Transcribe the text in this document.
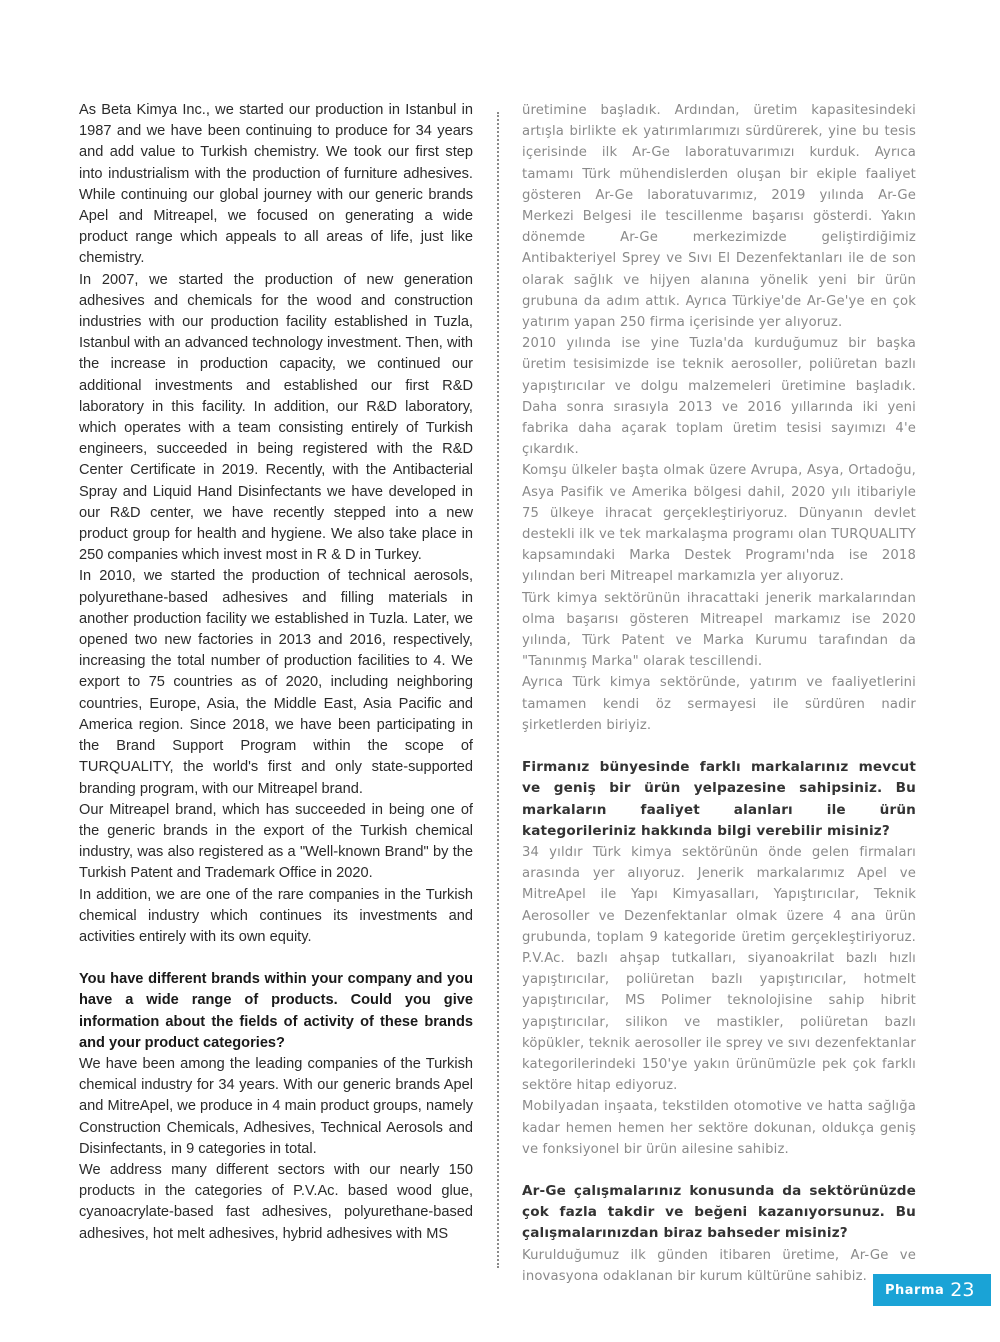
As Beta Kimya Inc., we started our production in Istanbul in 1987 and we have been continuing to produce for 34 years and add value to Turkish chemistry. We took our first step into industrialism with the production of furniture adhesives. While continuing our global journey with our generic brands Apel and Mitreapel, we focused on generating a wide product range which appeals to all areas of life, just like chemistry.

In 2007, we started the production of new generation adhesives and chemicals for the wood and construction industries with our production facility established in Tuzla, Istanbul with an advanced technology investment. Then, with the increase in production capacity, we continued our additional investments and established our first R&D laboratory in this facility. In addition, our R&D laboratory, which operates with a team consisting entirely of Turkish engineers, succeeded in being registered with the R&D Center Certificate in 2019. Recently, with the Antibacterial Spray and Liquid Hand Disinfectants we have developed in our R&D center, we have recently stepped into a new product group for health and hygiene. We also take place in 250 companies which invest most in R & D in Turkey.

In 2010, we started the production of technical aerosols, polyurethane-based adhesives and filling materials in another production facility we established in Tuzla. Later, we opened two new factories in 2013 and 2016, respectively, increasing the total number of production facilities to 4. We export to 75 countries as of 2020, including neighboring countries, Europe, Asia, the Middle East, Asia Pacific and America region. Since 2018, we have been participating in the Brand Support Program within the scope of TURQUALITY, the world's first and only state-supported branding program, with our Mitreapel brand.

Our Mitreapel brand, which has succeeded in being one of the generic brands in the export of the Turkish chemical industry, was also registered as a "Well-known Brand" by the Turkish Patent and Trademark Office in 2020.

In addition, we are one of the rare companies in the Turkish chemical industry which continues its investments and activities entirely with its own equity.

You have different brands within your company and you have a wide range of products. Could you give information about the fields of activity of these brands and your product categories?

We have been among the leading companies of the Turkish chemical industry for 34 years. With our generic brands Apel and MitreApel, we produce in 4 main product groups, namely Construction Chemicals, Adhesives, Technical Aerosols and Disinfectants, in 9 categories in total.

We address many different sectors with our nearly 150 products in the categories of P.V.Ac. based wood glue, cyanoacrylate-based fast adhesives, polyurethane-based adhesives, hot melt adhesives, hybrid adhesives with MS

üretimine başladık. Ardından, üretim kapasitesindeki artışla birlikte ek yatırımlarımızı sürdürerek, yine bu tesis içerisinde ilk Ar-Ge laboratuvarımızı kurduk. Ayrıca tamamı Türk mühendislerden oluşan bir ekiple faaliyet gösteren Ar-Ge laboratuvarımız, 2019 yılında Ar-Ge Merkezi Belgesi ile tescillenme başarısı gösterdi. Yakın dönemde Ar-Ge merkezimizde geliştirdiğimiz Antibakteriyel Sprey ve Sıvı El Dezenfektanları ile de son olarak sağlık ve hijyen alanına yönelik yeni bir ürün grubuna da adım attık. Ayrıca Türkiye'de Ar-Ge'ye en çok yatırım yapan 250 firma içerisinde yer alıyoruz.

2010 yılında ise yine Tuzla'da kurduğumuz bir başka üretim tesisimizde ise teknik aerosoller, poliüretan bazlı yapıştırıcılar ve dolgu malzemeleri üretimine başladık. Daha sonra sırasıyla 2013 ve 2016 yıllarında iki yeni fabrika daha açarak toplam üretim tesisi sayımızı 4'e çıkardık.

Komşu ülkeler başta olmak üzere Avrupa, Asya, Ortadoğu, Asya Pasifik ve Amerika bölgesi dahil, 2020 yılı itibariyle 75 ülkeye ihracat gerçekleştiriyoruz. Dünyanın devlet destekli ilk ve tek markalaşma programı olan TURQUALITY kapsamındaki Marka Destek Programı'nda ise 2018 yılından beri Mitreapel markamızla yer alıyoruz.

Türk kimya sektörünün ihracattaki jenerik markalarından olma başarısı gösteren Mitreapel markamız ise 2020 yılında, Türk Patent ve Marka Kurumu tarafından da "Tanınmış Marka" olarak tescillendi.

Ayrıca Türk kimya sektöründe, yatırım ve faaliyetlerini tamamen kendi öz sermayesi ile sürdüren nadir şirketlerden biriyiz.

Firmanız bünyesinde farklı markalarınız mevcut ve geniş bir ürün yelpazesine sahipsiniz. Bu markaların faaliyet alanları ile ürün kategorileriniz hakkında bilgi verebilir misiniz?

34 yıldır Türk kimya sektörünün önde gelen firmaları arasında yer alıyoruz. Jenerik markalarımız Apel ve MitreApel ile Yapı Kimyasalları, Yapıştırıcılar, Teknik Aerosoller ve Dezenfektanlar olmak üzere 4 ana ürün grubunda, toplam 9 kategoride üretim gerçekleştiriyoruz. P.V.Ac. bazlı ahşap tutkalları, siyanoakrilat bazlı hızlı yapıştırıcılar, poliüretan bazlı yapıştırıcılar, hotmelt yapıştırıcılar, MS Polimer teknolojisine sahip hibrit yapıştırıcılar, silikon ve mastikler, poliüretan bazlı köpükler, teknik aerosoller ile sprey ve sıvı dezenfektanlar kategorilerindeki 150'ye yakın ürünümüzle pek çok farklı sektöre hitap ediyoruz.

Mobilyadan inşaata, tekstilden otomotive ve hatta sağlığa kadar hemen hemen her sektöre dokunan, oldukça geniş ve fonksiyonel bir ürün ailesine sahibiz.

Ar-Ge çalışmalarınız konusunda da sektörünüzde çok fazla takdir ve beğeni kazanıyorsunuz. Bu çalışmalarınızdan biraz bahseder misiniz?

Kurulduğumuz ilk günden itibaren üretime, Ar-Ge ve inovasyona odaklanan bir kurum kültürüne sahibiz.

Pharma 23
